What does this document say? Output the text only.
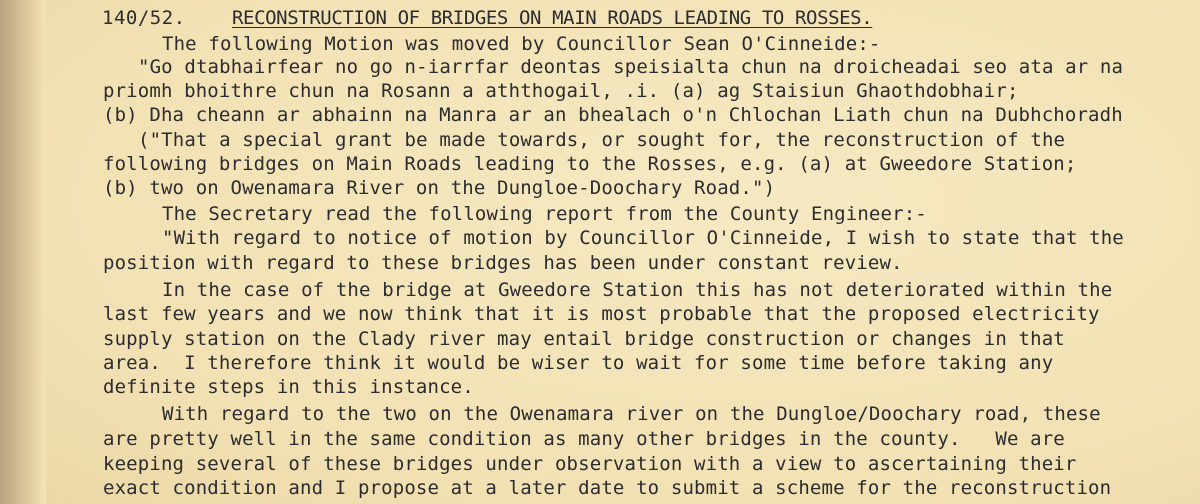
140/52. RECONSTRUCTION OF BRIDGES ON MAIN ROADS LEADING TO ROSSES.
The following Motion was moved by Councillor Sean O'Cinneide:-
"Go dtabhairfear no go n-iarrfar deontas speisialta chun na droicheadai seo ata ar na
priomh bhoithre chun na Rosann a aththogail, .i. (a) ag Staisiun Ghaothdobhair;
(b) Dha cheann ar abhainn na Manra ar an bhealach o'n Chlochan Liath chun na Dubhchoradh
("That a special grant be made towards, or sought for, the reconstruction of the
following bridges on Main Roads leading to the Rosses, e.g. (a) at Gweedore Station;
(b) two on Owenamara River on the Dungloe-Doochary Road.")
The Secretary read the following report from the County Engineer:-
"With regard to notice of motion by Councillor O'Cinneide, I wish to state that the
position with regard to these bridges has been under constant review.
In the case of the bridge at Gweedore Station this has not deteriorated within the
last few years and we now think that it is most probable that the proposed electricity
supply station on the Clady river may entail bridge construction or changes in that
area.  I therefore think it would be wiser to wait for some time before taking any
definite steps in this instance.
With regard to the two on the Owenamara river on the Dungloe/Doochary road, these
are pretty well in the same condition as many other bridges in the county.   We are
keeping several of these bridges under observation with a view to ascertaining their
exact condition and I propose at a later date to submit a scheme for the reconstruction
